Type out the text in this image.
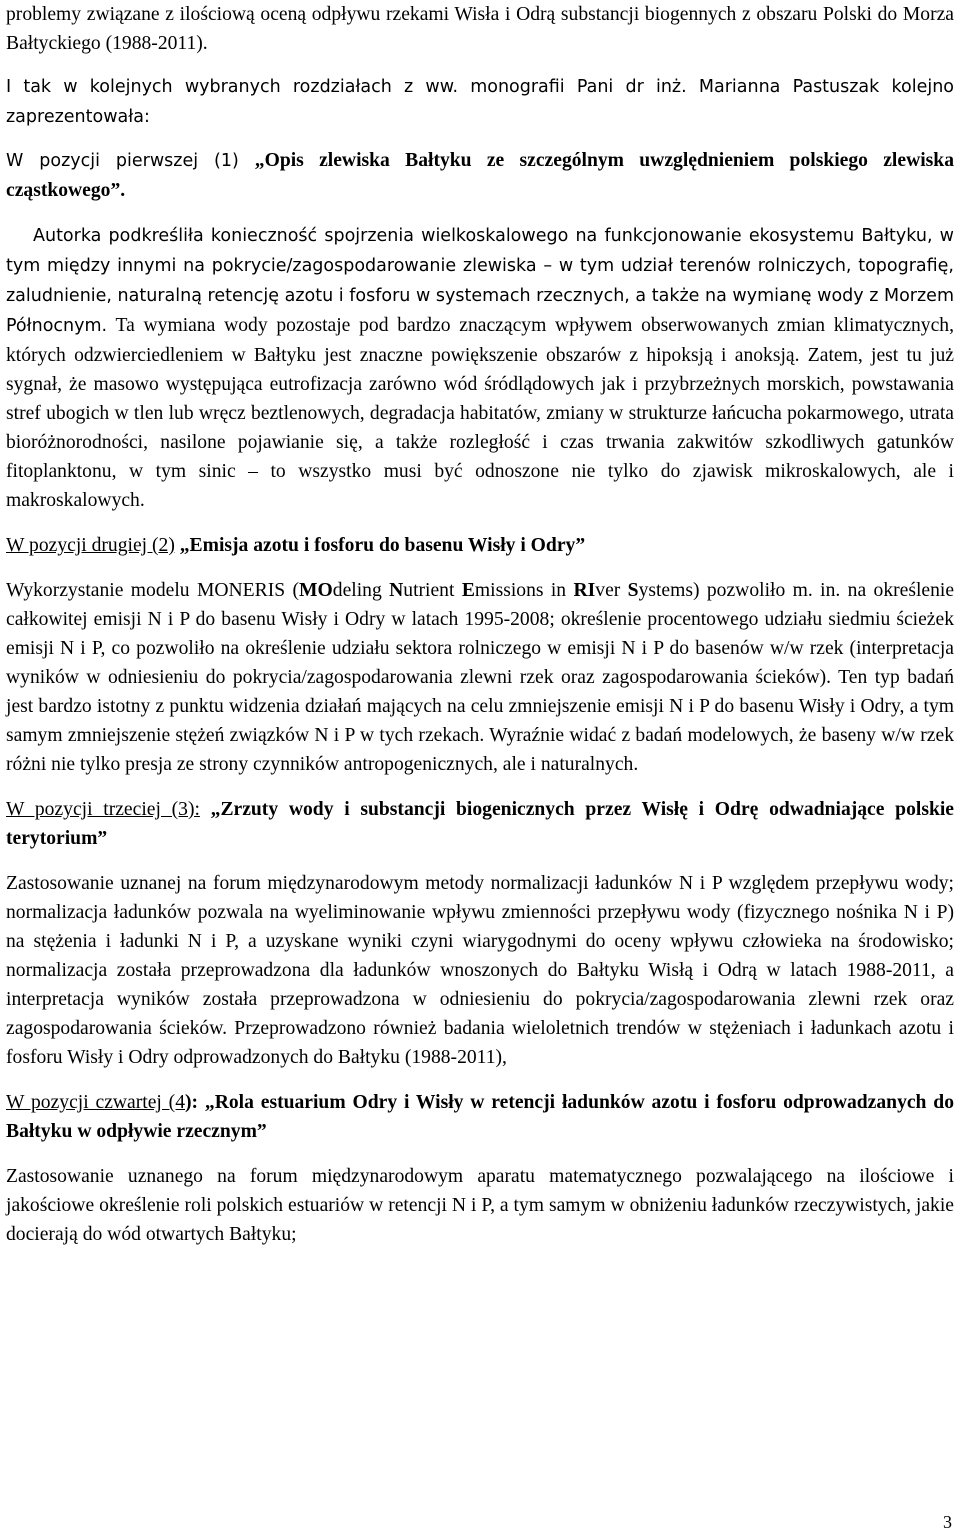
problemy związane z ilościową oceną odpływu rzekami Wisła i Odrą substancji biogennych z obszaru Polski do Morza Bałtyckiego (1988-2011).

I tak w kolejnych wybranych rozdziałach z ww. monografii Pani dr inż. Marianna Pastuszak kolejno zaprezentowała:

W pozycji pierwszej (1) „Opis zlewiska Bałtyku ze szczególnym uwzględnieniem polskiego zlewiska cząstkowego”.

Autorka podkreśliła konieczność spojrzenia wielkoskalowego na funkcjonowanie ekosystemu Bałtyku, w tym między innymi na pokrycie/zagospodarowanie zlewiska – w tym udział terenów rolniczych, topografię, zaludnienie, naturalną retencję azotu i fosforu w systemach rzecznych, a także na wymianę wody z Morzem Północnym. Ta wymiana wody pozostaje pod bardzo znaczącym wpływem obserwowanych zmian klimatycznych, których odzwierciedleniem w Bałtyku jest znaczne powiększenie obszarów z hipoksją i anoksją. Zatem, jest tu już sygnał, że masowo występująca eutrofizacja zarówno wód śródlądowych jak i przybrzeżnych morskich, powstawania stref ubogich w tlen lub wręcz beztlenowych, degradacja habitatów, zmiany w strukturze łańcucha pokarmowego, utrata bioróżnorodności, nasilone pojawianie się, a także rozległość i czas trwania zakwitów szkodliwych gatunków fitoplanktonu, w tym sinic – to wszystko musi być odnoszone nie tylko do zjawisk mikroskalowych, ale i makroskalowych.

W pozycji drugiej (2) „Emisja azotu i fosforu do basenu Wisły i Odry”

Wykorzystanie modelu MONERIS (MOdeling Nutrient Emissions in RIver Systems) pozwoliło m. in. na określenie całkowitej emisji N i P do basenu Wisły i Odry w latach 1995-2008; określenie procentowego udziału siedmiu ścieżek emisji N i P, co pozwoliło na określenie udziału sektora rolniczego w emisji N i P do basenów w/w rzek (interpretacja wyników w odniesieniu do pokrycia/zagospodarowania zlewni rzek oraz zagospodarowania ścieków). Ten typ badań jest bardzo istotny z punktu widzenia działań mających na celu zmniejszenie emisji N i P do basenu Wisły i Odry, a tym samym zmniejszenie stężeń związków N i P w tych rzekach. Wyraźnie widać z badań modelowych, że baseny w/w rzek różni nie tylko presja ze strony czynników antropogenicznych, ale i naturalnych.

W pozycji trzeciej (3): „Zrzuty wody i substancji biogenicznych przez Wisłę i Odrę odwadniające polskie terytorium”

Zastosowanie uznanej na forum międzynarodowym metody normalizacji ładunków N i P względem przepływu wody; normalizacja ładunków pozwala na wyeliminowanie wpływu zmienności przepływu wody (fizycznego nośnika N i P) na stężenia i ładunki N i P, a uzyskane wyniki czyni wiarygodnymi do oceny wpływu człowieka na środowisko; normalizacja została przeprowadzona dla ładunków wnoszonych do Bałtyku Wisłą i Odrą w latach 1988-2011, a interpretacja wyników została przeprowadzona w odniesieniu do pokrycia/zagospodarowania zlewni rzek oraz zagospodarowania ścieków. Przeprowadzono również badania wieloletnich trendów w stężeniach i ładunkach azotu i fosforu Wisły i Odry odprowadzonych do Bałtyku (1988-2011),

W pozycji czwartej (4): „Rola estuarium Odry i Wisły w retencji ładunków azotu i fosforu odprowadzanych do Bałtyku w odpływie rzecznym”

Zastosowanie uznanego na forum międzynarodowym aparatu matematycznego pozwalającego na ilościowe i jakościowe określenie roli polskich estuariów w retencji N i P, a tym samym w obniżeniu ładunków rzeczywistych, jakie docierają do wód otwartych Bałtyku;

3
